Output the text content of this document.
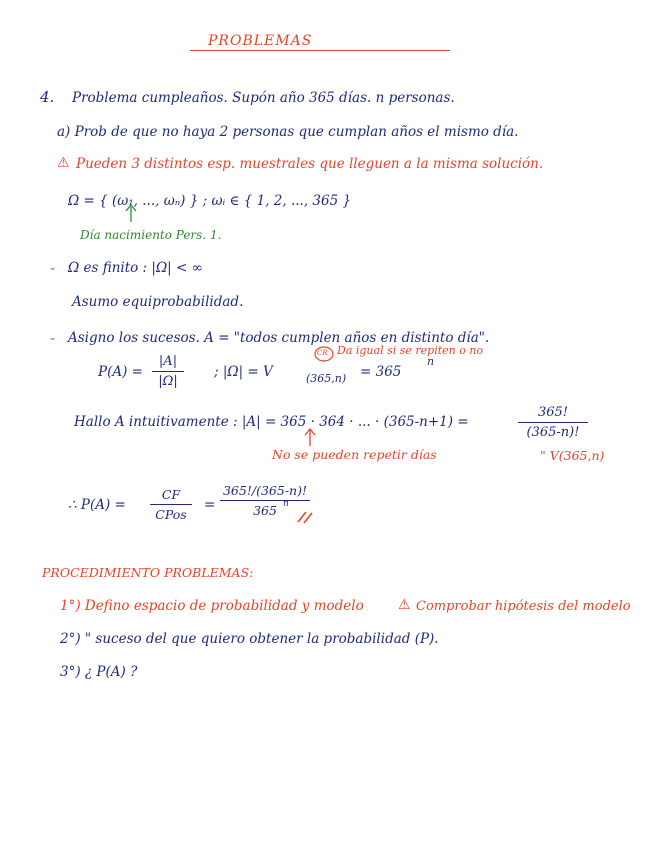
PROBLEMAS
4. Problema cumpleaños. Supón año 365 días. n personas.
a) Prob de que no haya 2 personas que cumplan años el mismo día.
⚠ Pueden 3 distintos esp. muestrales que lleguen a la misma solución.
Ω = { (ω₁, ..., ωₙ) } ; ωᵢ ∈ { 1, 2, ..., 365 }
Día nacimiento Pers. 1.
- Ω es finito : |Ω| < ∞
Asumo equiprobabilidad.
- Asigno los sucesos. A = "todos cumplen años en distinto día".
P(A) =
|A|
|Ω|
; |Ω| = V	(365,n) = 365
n
CR Da igual si se repiten o no
Hallo A intuitivamente : |A| = 365 · 364 · ... · (365-n+1) =
365!
(365-n)!
No se pueden repetir días	" V(365,n)
∴ P(A) =
CF
CPos
=
365!/(365-n)!
365 n
PROCEDIMIENTO PROBLEMAS:
1°) Defino espacio de probabilidad y modelo ⚠ Comprobar hipótesis del modelo
2°) " suceso del que quiero obtener la probabilidad (P).
3°) ¿ P(A) ?
